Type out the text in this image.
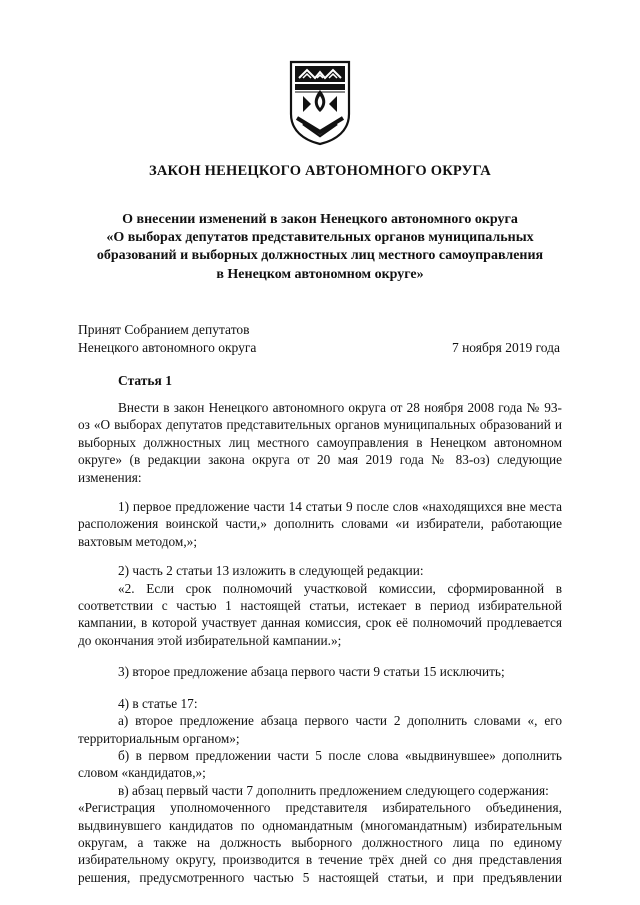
ЗАКОН НЕНЕЦКОГО АВТОНОМНОГО ОКРУГА
О внесении изменений в закон Ненецкого автономного округа
«О выборах депутатов представительных органов муниципальных
образований и выборных должностных лиц местного самоуправления
в Ненецком автономном округе»
Принят Собранием депутатов
Ненецкого автономного округа	7 ноября 2019 года
Статья 1

Внести в закон Ненецкого автономного округа от 28 ноября 2008 года № 93-оз «О выборах депутатов представительных органов муниципальных образований и выборных должностных лиц местного самоуправления в Ненецком автономном округе» (в редакции закона округа от 20 мая 2019 года № 83-оз) следующие изменения:

1) первое предложение части 14 статьи 9 после слов «находящихся вне места расположения воинской части,» дополнить словами «и избиратели, работающие вахтовым методом,»;

2) часть 2 статьи 13 изложить в следующей редакции:

«2. Если срок полномочий участковой комиссии, сформированной в соответствии с частью 1 настоящей статьи, истекает в период избирательной кампании, в которой участвует данная комиссия, срок её полномочий продлевается до окончания этой избирательной кампании.»;

3) второе предложение абзаца первого части 9 статьи 15 исключить;

4) в статье 17:

а) второе предложение абзаца первого части 2 дополнить словами «, его территориальным органом»;

б) в первом предложении части 5 после слова «выдвинувшее» дополнить словом «кандидатов,»;

в) абзац первый части 7 дополнить предложением следующего содержания:

«Регистрация уполномоченного представителя избирательного объединения, выдвинувшего кандидатов по одномандатным (многомандатным) избирательным округам, а также на должность выборного должностного лица по единому избирательному округу, производится в течение трёх дней со дня представления решения, предусмотренного частью 5 настоящей статьи, и при предъявлении
